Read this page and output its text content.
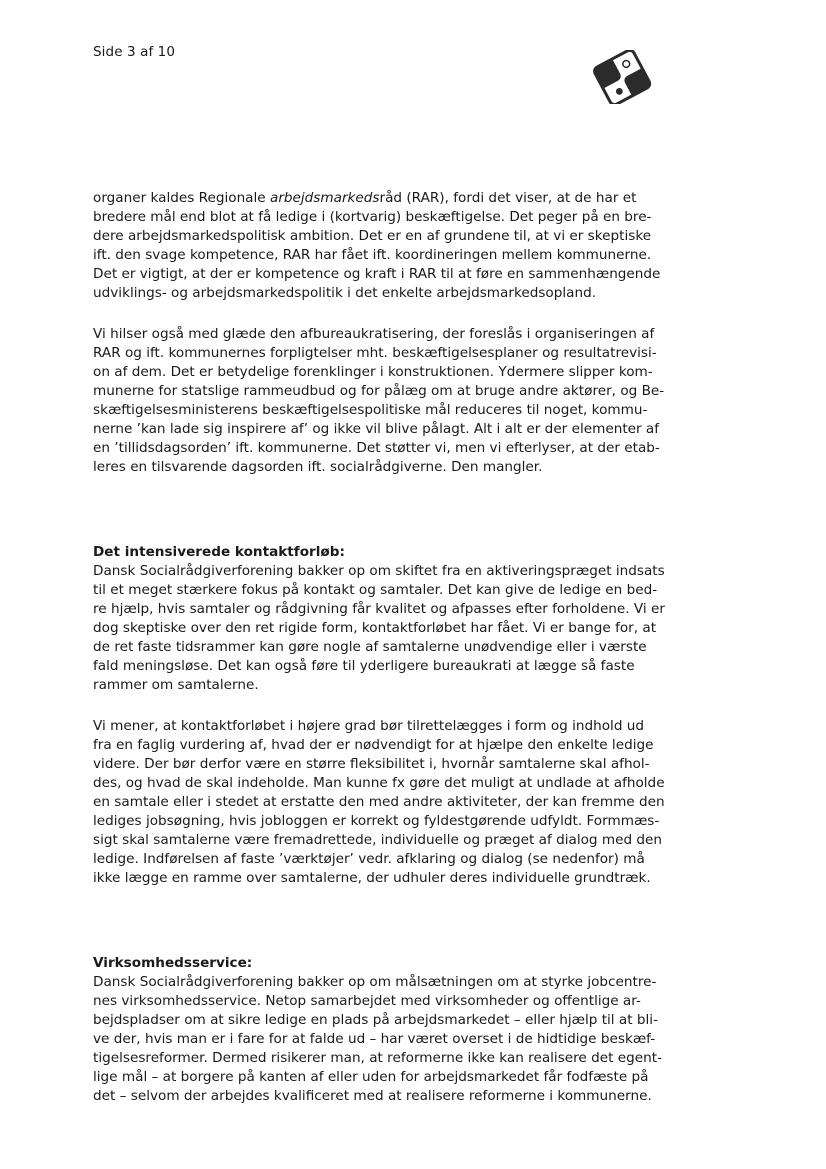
Side 3 af 10
organer kaldes Regionale arbejdsmarkedsråd (RAR), fordi det viser, at de har et
bredere mål end blot at få ledige i (kortvarig) beskæftigelse. Det peger på en bre-
dere arbejdsmarkedspolitisk ambition. Det er en af grundene til, at vi er skeptiske
ift. den svage kompetence, RAR har fået ift. koordineringen mellem kommunerne.
Det er vigtigt, at der er kompetence og kraft i RAR til at føre en sammenhængende
udviklings- og arbejdsmarkedspolitik i det enkelte arbejdsmarkedsopland.
Vi hilser også med glæde den afbureaukratisering, der foreslås i organiseringen af
RAR og ift. kommunernes forpligtelser mht. beskæftigelsesplaner og resultatrevisi-
on af dem. Det er betydelige forenklinger i konstruktionen. Ydermere slipper kom-
munerne for statslige rammeudbud og for pålæg om at bruge andre aktører, og Be-
skæftigelsesministerens beskæftigelsespolitiske mål reduceres til noget, kommu-
nerne ’kan lade sig inspirere af’ og ikke vil blive pålagt. Alt i alt er der elementer af
en ’tillidsdagsorden’ ift. kommunerne. Det støtter vi, men vi efterlyser, at der etab-
leres en tilsvarende dagsorden ift. socialrådgiverne. Den mangler.
Det intensiverede kontaktforløb:
Dansk Socialrådgiverforening bakker op om skiftet fra en aktiveringspræget indsats
til et meget stærkere fokus på kontakt og samtaler. Det kan give de ledige en bed-
re hjælp, hvis samtaler og rådgivning får kvalitet og afpasses efter forholdene. Vi er
dog skeptiske over den ret rigide form, kontaktforløbet har fået. Vi er bange for, at
de ret faste tidsrammer kan gøre nogle af samtalerne unødvendige eller i værste
fald meningsløse. Det kan også føre til yderligere bureaukrati at lægge så faste
rammer om samtalerne.
Vi mener, at kontaktforløbet i højere grad bør tilrettelægges i form og indhold ud
fra en faglig vurdering af, hvad der er nødvendigt for at hjælpe den enkelte ledige
videre. Der bør derfor være en større fleksibilitet i, hvornår samtalerne skal afhol-
des, og hvad de skal indeholde. Man kunne fx gøre det muligt at undlade at afholde
en samtale eller i stedet at erstatte den med andre aktiviteter, der kan fremme den
lediges jobsøgning, hvis jobloggen er korrekt og fyldestgørende udfyldt. Formmæs-
sigt skal samtalerne være fremadrettede, individuelle og præget af dialog med den
ledige. Indførelsen af faste ’værktøjer’ vedr. afklaring og dialog (se nedenfor) må
ikke lægge en ramme over samtalerne, der udhuler deres individuelle grundtræk.
Virksomhedsservice:
Dansk Socialrådgiverforening bakker op om målsætningen om at styrke jobcentre-
nes virksomhedsservice. Netop samarbejdet med virksomheder og offentlige ar-
bejdspladser om at sikre ledige en plads på arbejdsmarkedet – eller hjælp til at bli-
ve der, hvis man er i fare for at falde ud – har været overset i de hidtidige beskæf-
tigelsesreformer. Dermed risikerer man, at reformerne ikke kan realisere det egent-
lige mål – at borgere på kanten af eller uden for arbejdsmarkedet får fodfæste på
det – selvom der arbejdes kvalificeret med at realisere reformerne i kommunerne.
